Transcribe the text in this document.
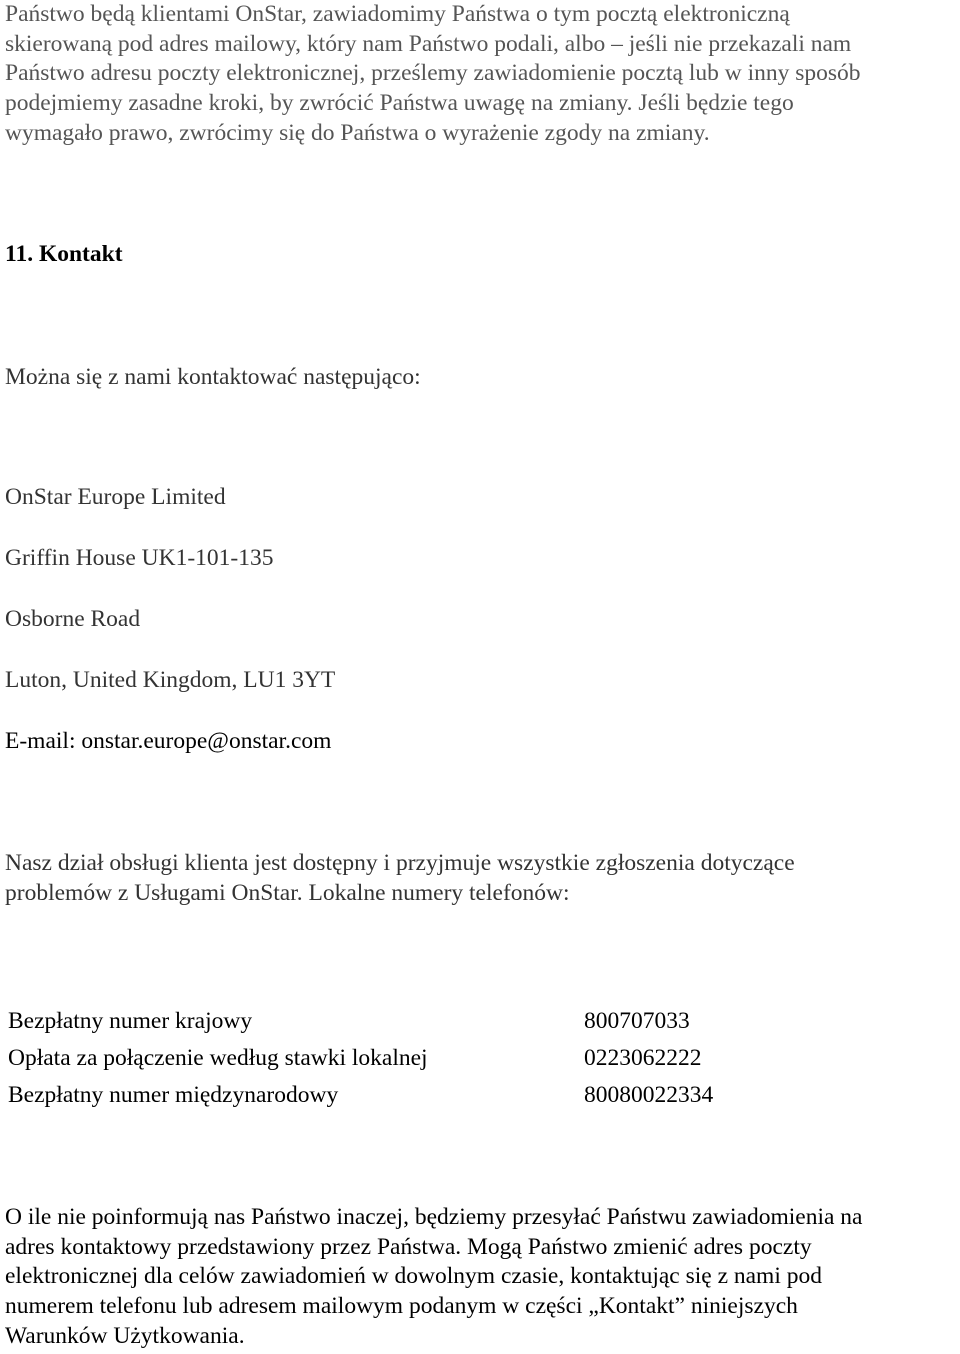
Państwo będą klientami OnStar, zawiadomimy Państwa o tym pocztą elektroniczną
skierowaną pod adres mailowy, który nam Państwo podali, albo – jeśli nie przekazali nam
Państwo adresu poczty elektronicznej, prześlemy zawiadomienie pocztą lub w inny sposób
podejmiemy zasadne kroki, by zwrócić Państwa uwagę na zmiany. Jeśli będzie tego
wymagało prawo, zwrócimy się do Państwa o wyrażenie zgody na zmiany.
11. Kontakt

Można się z nami kontaktować następująco:

OnStar Europe Limited

Griffin House UK1-101-135

Osborne Road

Luton, United Kingdom, LU1 3YT

E-mail: onstar.europe@onstar.com

Nasz dział obsługi klienta jest dostępny i przyjmuje wszystkie zgłoszenia dotyczące
problemów z Usługami OnStar. Lokalne numery telefonów:
Bezpłatny numer krajowy	800707033
Opłata za połączenie według stawki lokalnej	0223062222
Bezpłatny numer międzynarodowy	80080022334
O ile nie poinformują nas Państwo inaczej, będziemy przesyłać Państwu zawiadomienia na
adres kontaktowy przedstawiony przez Państwa. Mogą Państwo zmienić adres poczty
elektronicznej dla celów zawiadomień w dowolnym czasie, kontaktując się z nami pod
numerem telefonu lub adresem mailowym podanym w części „Kontakt” niniejszych
Warunków Użytkowania.
